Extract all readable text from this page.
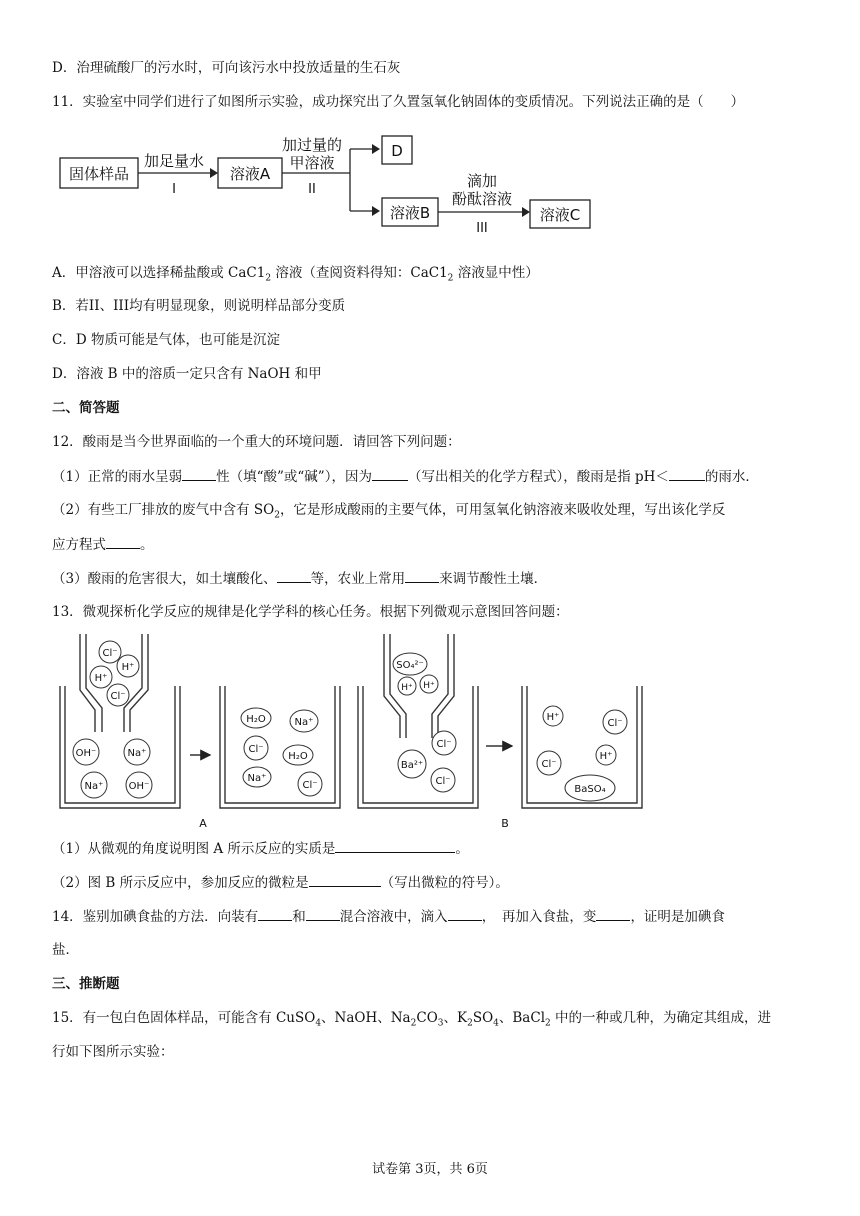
D．治理硫酸厂的污水时，可向该污水中投放适量的生石灰
11．实验室中同学们进行了如图所示实验，成功探究出了久置氢氧化钠固体的变质情况。下列说法正确的是（　　）
固体样品
加足量水
I
溶液A
加过量的
甲溶液
II
D
溶液B
滴加
酚酞溶液
III
溶液C
A．甲溶液可以选择稀盐酸或 $CaC1_2$ 溶液（查阅资料得知：$CaC1_2$ 溶液显中性）
B．若II、III均有明显现象，则说明样品部分变质
C．D 物质可能是气体，也可能是沉淀
D．溶液 B 中的溶质一定只含有 NaOH 和甲
二、简答题
12．酸雨是当今世界面临的一个重大的环境问题．请回答下列问题：
（1）正常的雨水呈弱	性（填“酸”或“碱”），因为	（写出相关的化学方程式），酸雨是指 pH＜	的雨水．
（2）有些工厂排放的废气中含有 $SO_2$，它是形成酸雨的主要气体，可用氢氧化钠溶液来吸收处理，写出该化学反
应方程式	。
（3）酸雨的危害很大，如土壤酸化、	等，农业上常用	来调节酸性土壤．
13．微观探析化学反应的规律是化学学科的核心任务。根据下列微观示意图回答问题：
Cl⁻
H⁺
H⁺
Cl⁻
OH⁻	Na⁺
Na⁺	OH⁻
H₂O	Na⁺
Cl⁻
H₂O
Na⁺
Cl⁻
SO₄²⁻
H⁺ H⁺
Cl⁻
Ba²⁺
Cl⁻
H⁺
Cl⁻
H⁺
Cl⁻
BaSO₄
A	B
（1）从微观的角度说明图 A 所示反应的实质是	。
（2）图 B 所示反应中，参加反应的微粒是	（写出微粒的符号）。
14．鉴别加碘食盐的方法．向装有	和	混合溶液中，滴入	，　再加入食盐，变	，证明是加碘食
盐．
三、推断题
15．有一包白色固体样品，可能含有 CuSO$_4$、NaOH、$Na_2CO_3$、$K_2SO_4$、BaCl$_2$ 中的一种或几种，为确定其组成，进
行如下图所示实验：
试卷第 3页，共 6页
